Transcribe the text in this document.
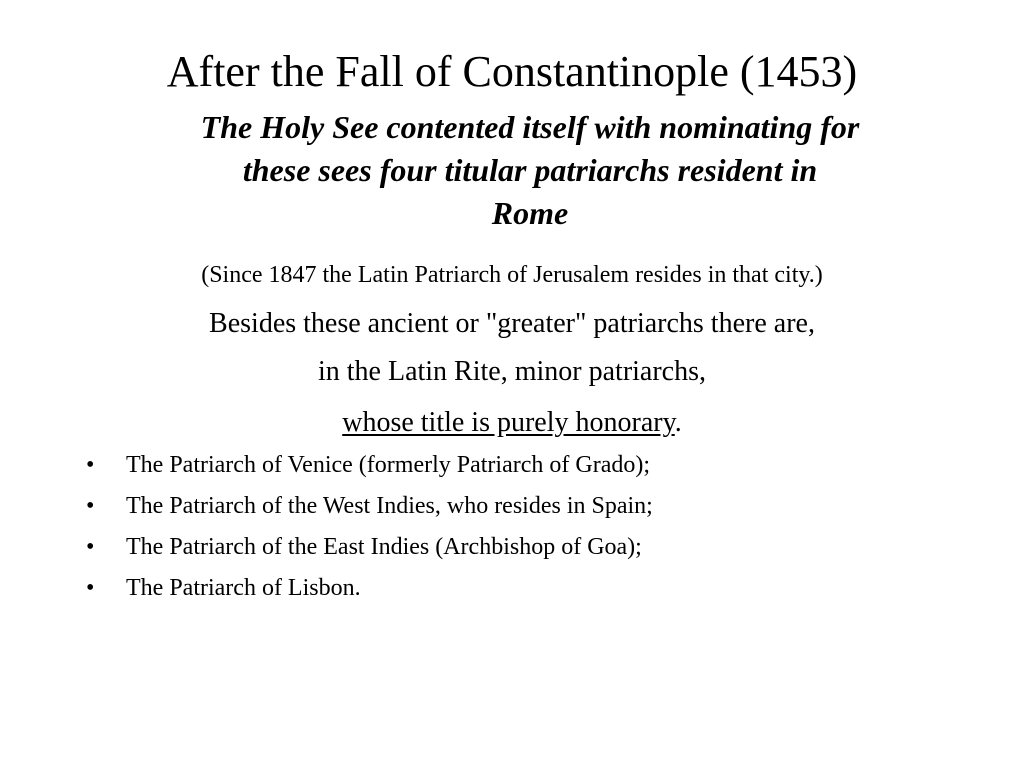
After the Fall of Constantinople (1453)

The Holy See contented itself with nominating for
these sees four titular patriarchs resident in
Rome

(Since 1847 the Latin Patriarch of Jerusalem resides in that city.)

Besides these ancient or "greater" patriarchs there are,

in the Latin Rite, minor patriarchs,

whose title is purely honorary.

• The Patriarch of Venice (formerly Patriarch of Grado);
• The Patriarch of the West Indies, who resides in Spain;
• The Patriarch of the East Indies (Archbishop of Goa);
• The Patriarch of Lisbon.
